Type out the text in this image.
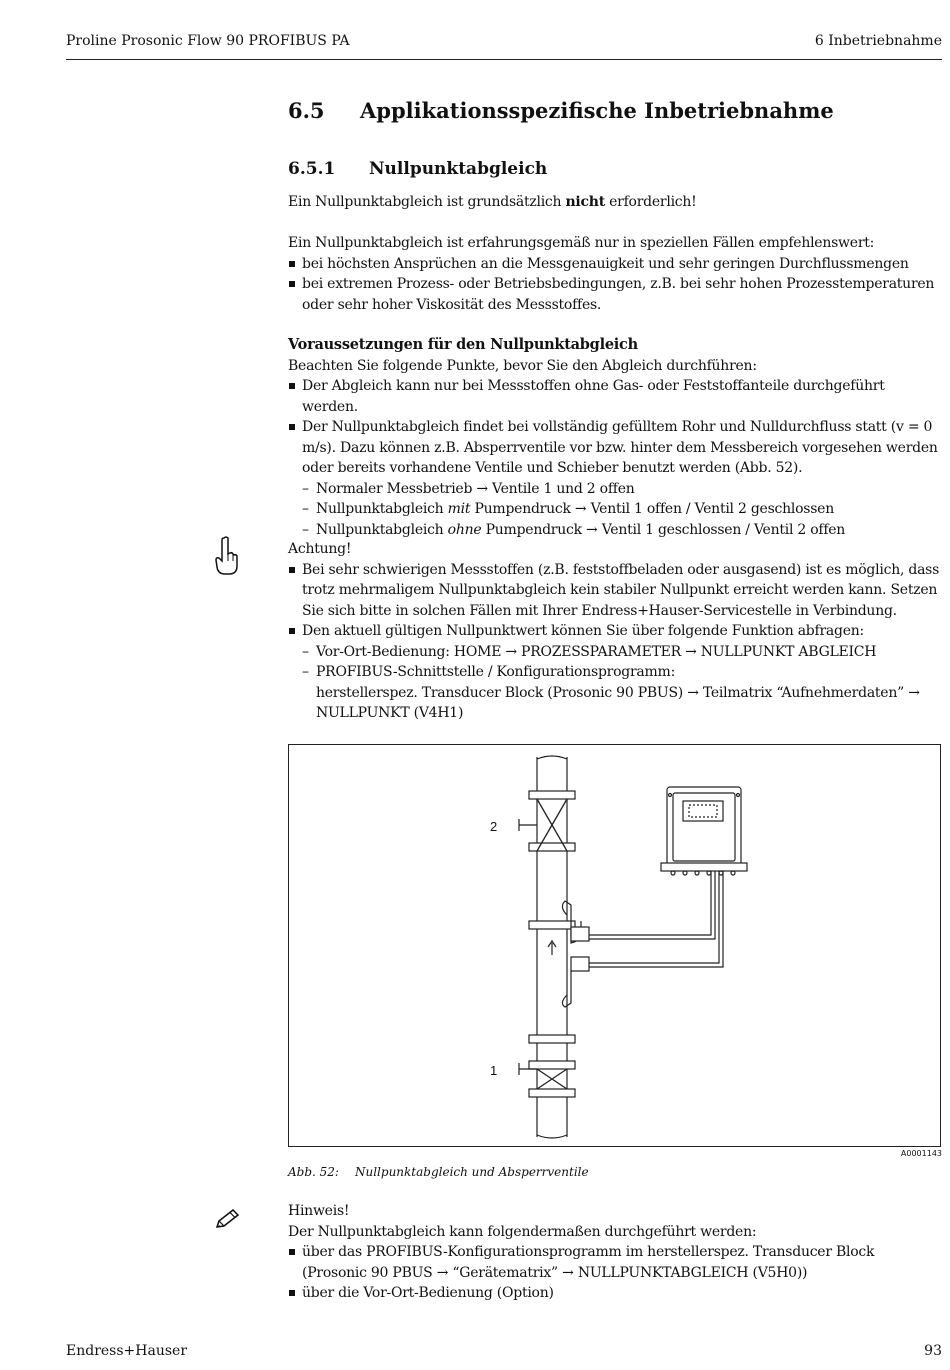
Proline Prosonic Flow 90 PROFIBUS PA	6 Inbetriebnahme
6.5 Applikationsspezifische Inbetriebnahme
6.5.1 Nullpunktabgleich
Ein Nullpunktabgleich ist grundsätzlich nicht erforderlich!
Ein Nullpunktabgleich ist erfahrungsgemäß nur in speziellen Fällen empfehlenswert:
bei höchsten Ansprüchen an die Messgenauigkeit und sehr geringen Durchflussmengen
bei extremen Prozess- oder Betriebsbedingungen, z.B. bei sehr hohen Prozesstemperaturen oder sehr hoher Viskosität des Messstoffes.
Voraussetzungen für den Nullpunktabgleich
Beachten Sie folgende Punkte, bevor Sie den Abgleich durchführen:
Der Abgleich kann nur bei Messstoffen ohne Gas- oder Feststoffanteile durchgeführt werden.
Der Nullpunktabgleich findet bei vollständig gefülltem Rohr und Nulldurchfluss statt (v = 0 m/s). Dazu können z.B. Absperrventile vor bzw. hinter dem Messbereich vorgesehen werden oder bereits vorhandene Ventile und Schieber benutzt werden (Abb. 52).
– Normaler Messbetrieb → Ventile 1 und 2 offen
– Nullpunktabgleich mit Pumpendruck → Ventil 1 offen / Ventil 2 geschlossen
– Nullpunktabgleich ohne Pumpendruck → Ventil 1 geschlossen / Ventil 2 offen
Achtung!
Bei sehr schwierigen Messstoffen (z.B. feststoffbeladen oder ausgasend) ist es möglich, dass trotz mehrmaligem Nullpunktabgleich kein stabiler Nullpunkt erreicht werden kann. Setzen Sie sich bitte in solchen Fällen mit Ihrer Endress+Hauser-Servicestelle in Verbindung.
Den aktuell gültigen Nullpunktwert können Sie über folgende Funktion abfragen:
– Vor-Ort-Bedienung: HOME → PROZESSPARAMETER → NULLPUNKT ABGLEICH
– PROFIBUS-Schnittstelle / Konfigurationsprogramm:
herstellerspez. Transducer Block (Prosonic 90 PBUS) → Teilmatrix “Aufnehmerdaten” → NULLPUNKT (V4H1)
2
1
A0001143
Abb. 52: Nullpunktabgleich und Absperrventile
Hinweis!
Der Nullpunktabgleich kann folgendermaßen durchgeführt werden:
über das PROFIBUS-Konfigurationsprogramm im herstellerspez. Transducer Block (Prosonic 90 PBUS → “Gerätematrix” → NULLPUNKTABGLEICH (V5H0))
über die Vor-Ort-Bedienung (Option)
Endress+Hauser	93
